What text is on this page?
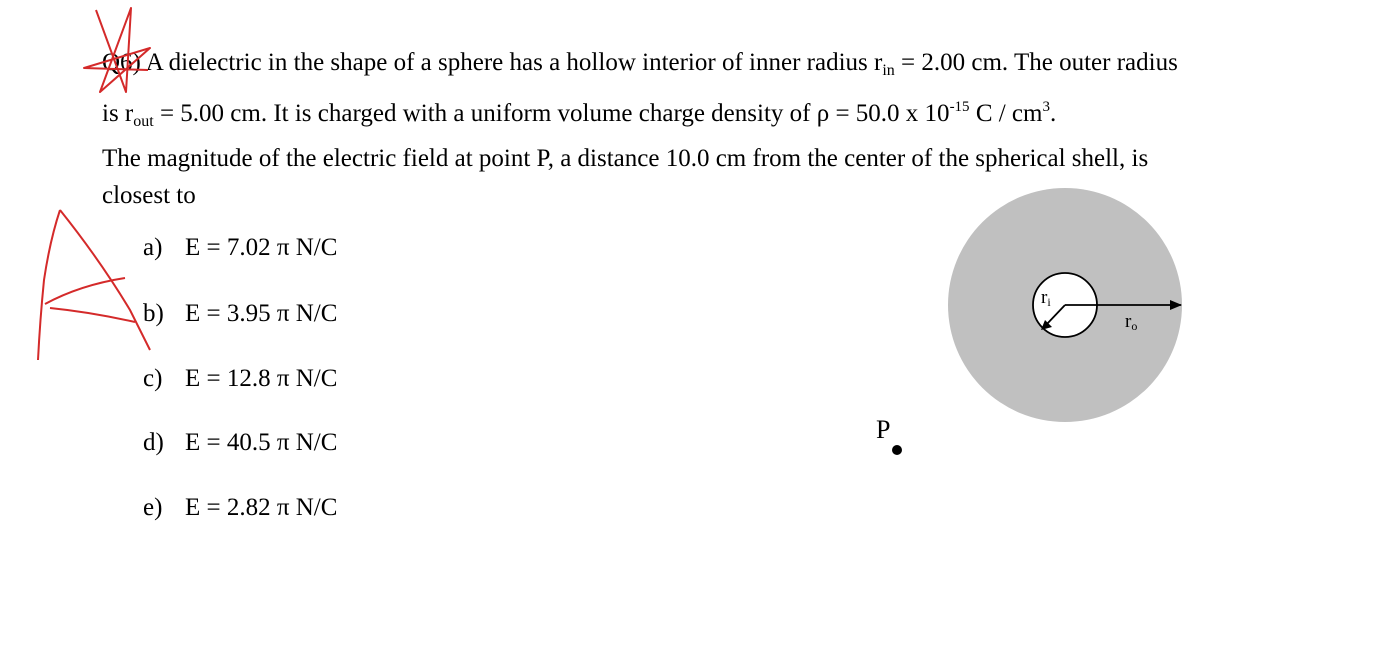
Q6) A dielectric in the shape of a sphere has a hollow interior of inner radius $r_{in} = 2.00$ cm. The outer radius
is $r_{out} = 5.00$ cm. It is charged with a uniform volume charge density of ρ = 50.0 x $10^{-15}$ C / $cm^3$.
The magnitude of the electric field at point P, a distance 10.0 cm from the center of the spherical shell, is
closest to
a) E = 7.02 π N/C
b) E = 3.95 π N/C
c) E = 12.8 π N/C
d) E = 40.5 π N/C
e) E = 2.82 π N/C
ri
ro
P
